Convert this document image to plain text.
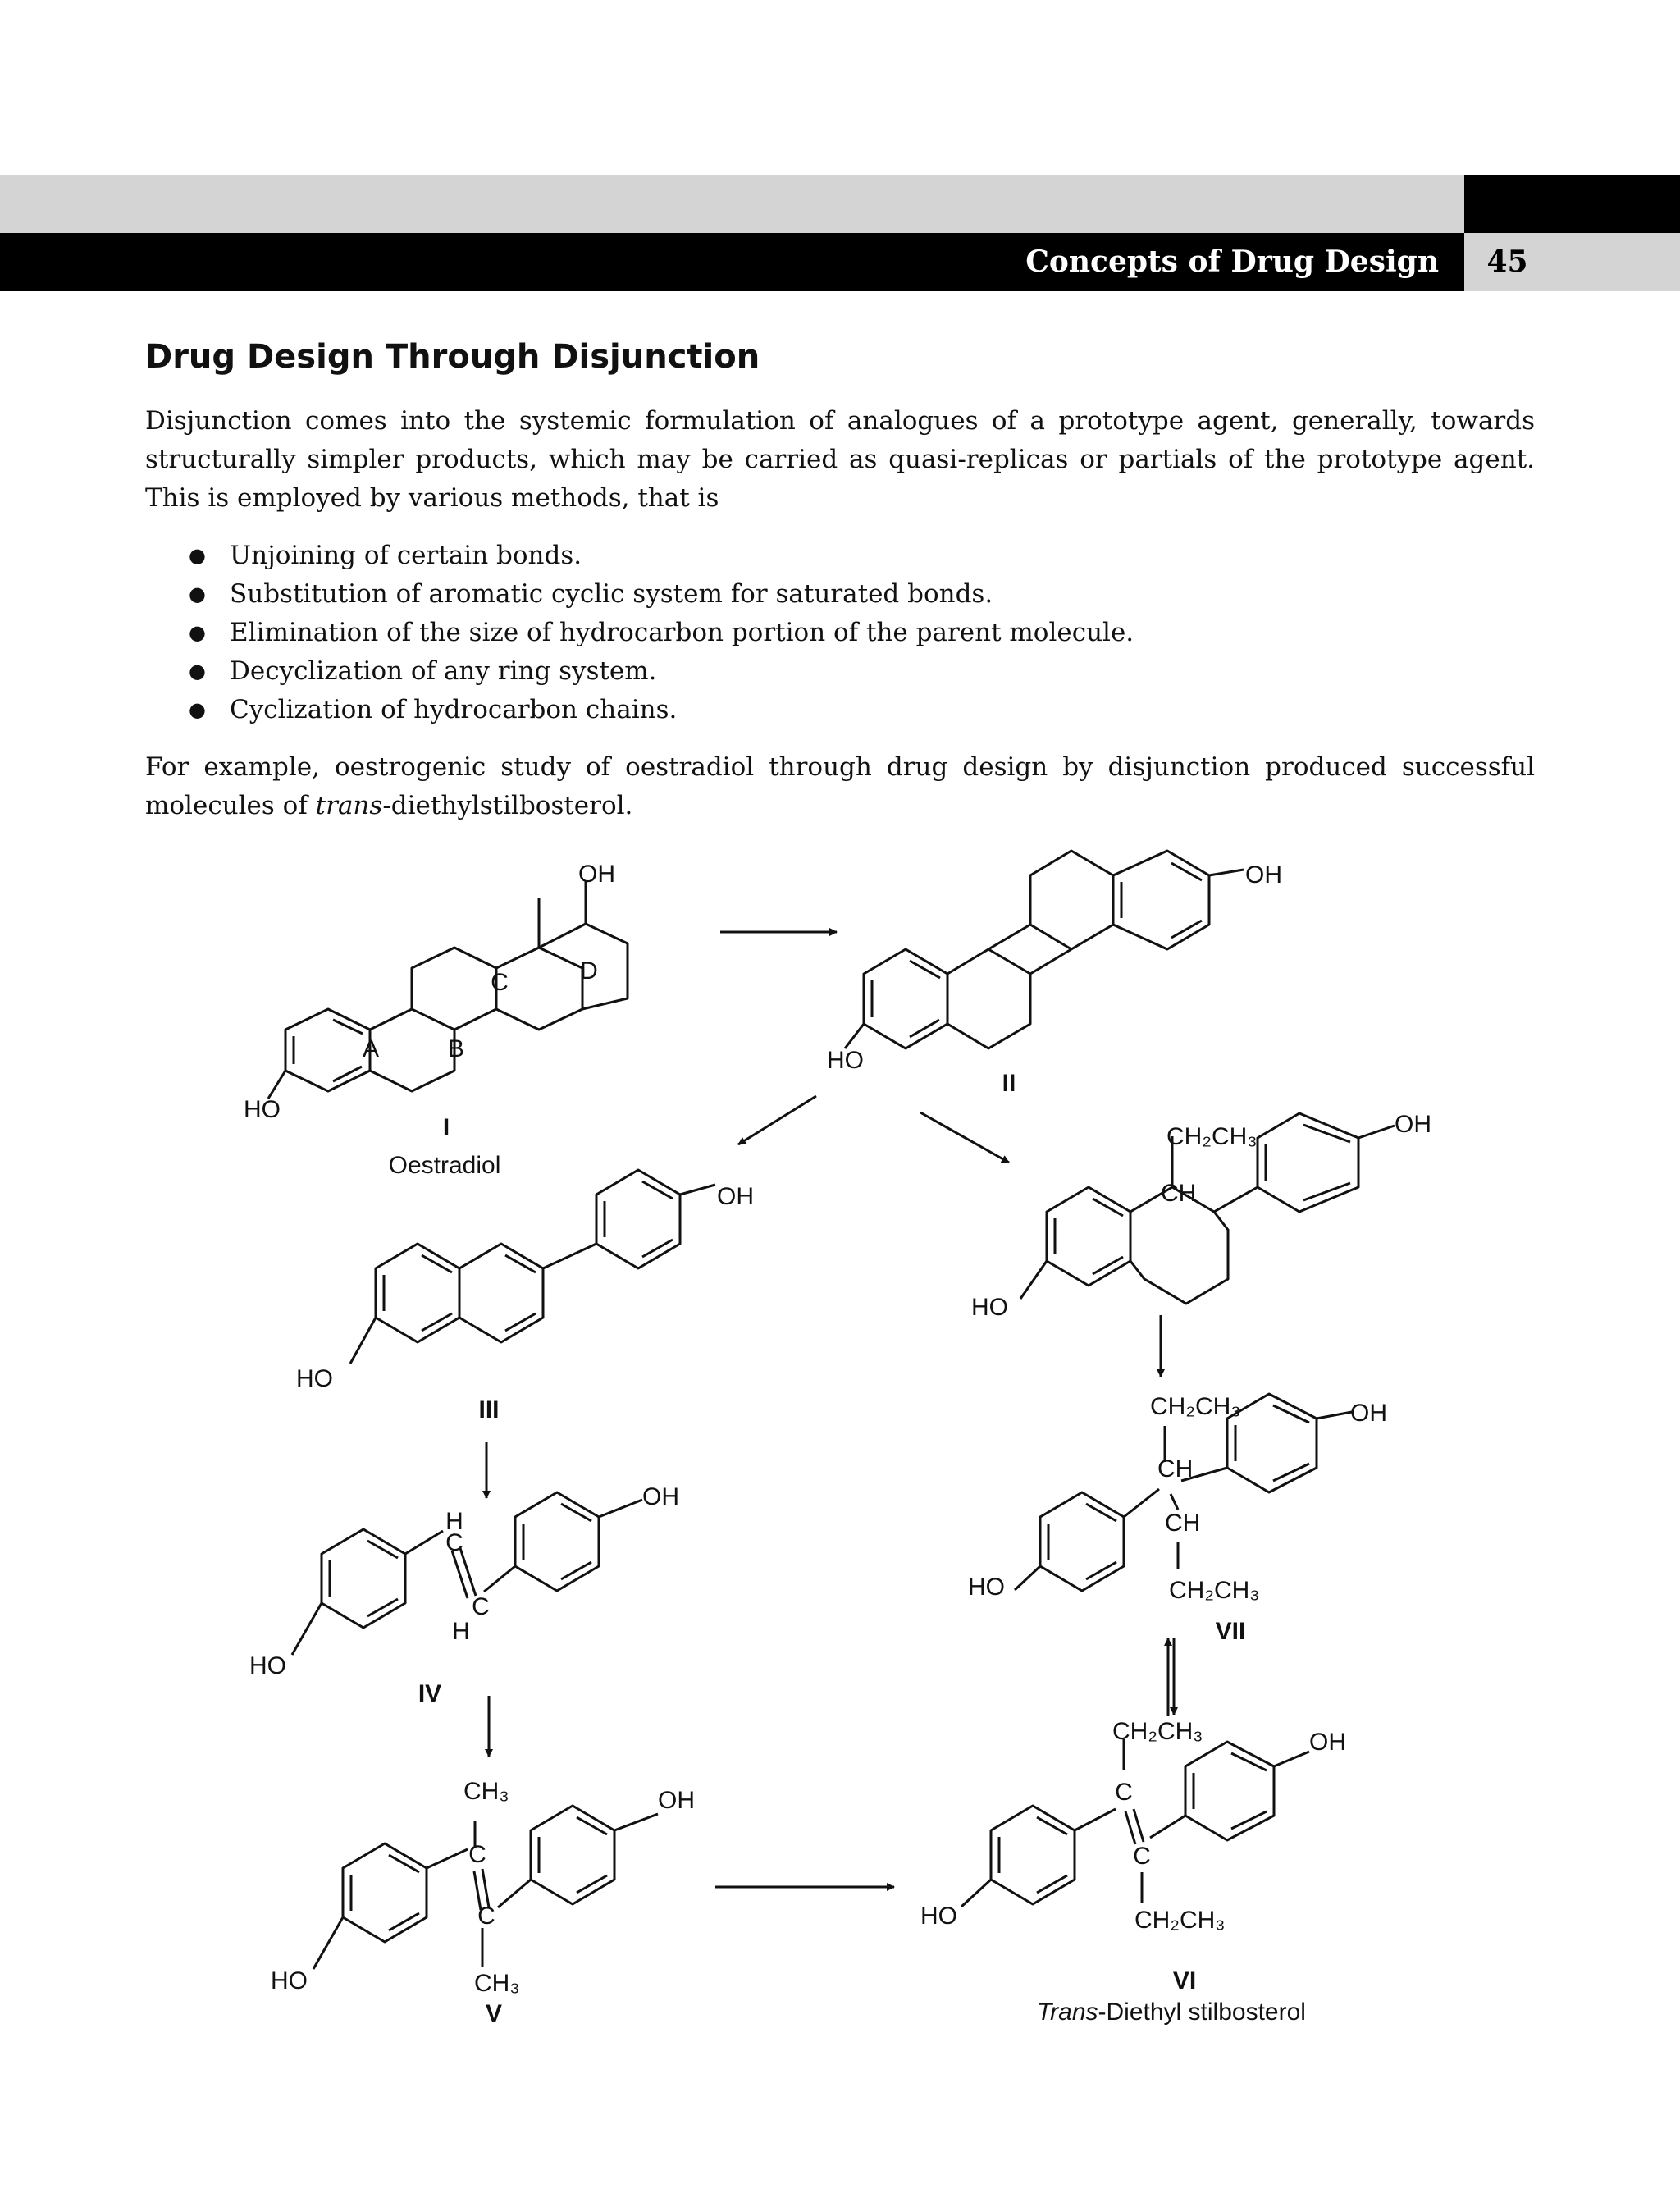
Concepts of Drug Design	45
Drug Design Through Disjunction

Disjunction comes into the systemic formulation of analogues of a prototype agent, generally, towards structurally simpler products, which may be carried as quasi-replicas or partials of the prototype agent. This is employed by various methods, that is

● Unjoining of certain bonds.
● Substitution of aromatic cyclic system for saturated bonds.
● Elimination of the size of hydrocarbon portion of the parent molecule.
● Decyclization of any ring system.
● Cyclization of hydrocarbon chains.

For example, oestrogenic study of oestradiol through drug design by disjunction produced successful molecules of trans-diethylstilbosterol.

A	B
C	D
OH
HO
I
Oestradiol
OH
HO
II
OH
HO
III
OH
HO
H
C
C
H
IV
CH₃
C
C
CH₃
OH
HO
V
CH₂CH₃
CH
OH
HO
CH₂CH₃
CH
CH
CH₂CH₃
OH
HO
VII
CH₂CH₃
C
C
CH₂CH₃
OH
HO
VI
Trans-Diethyl stilbosterol
